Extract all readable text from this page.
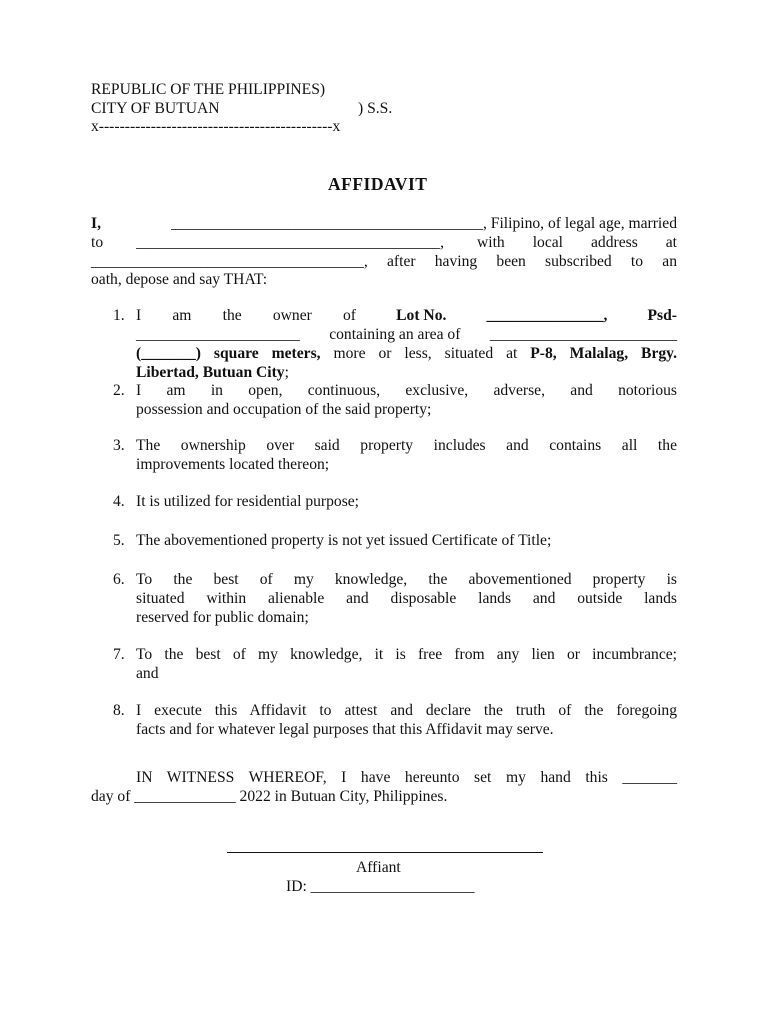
REPUBLIC OF THE PHILIPPINES)
CITY OF BUTUAN	) S.S.
x---------------------------------------------x
AFFIDAVIT
I,	________________________________________, Filipino, of legal age, married
to _______________________________________, with local address at
___________________________________, after having been subscribed to an
oath, depose and say THAT:
1. I am the owner of	Lot No.	_______________,	Psd-
_____________________ containing an area of ________________________
(_______) square meters, more or less, situated at P-8, Malalag, Brgy.
Libertad, Butuan City;
2. I am in open, continuous, exclusive, adverse, and notorious
possession and occupation of the said property;
3. The ownership over said property includes and contains all the
improvements located thereon;
4. It is utilized for residential purpose;
5. The abovementioned property is not yet issued Certificate of Title;
6. To the best of my knowledge, the abovementioned property is
situated within alienable and disposable lands and outside lands
reserved for public domain;
7. To the best of my knowledge, it is free from any lien or incumbrance;
and
8. I execute this Affidavit to attest and declare the truth of the foregoing
facts and for whatever legal purposes that this Affidavit may serve.
IN WITNESS WHEREOF, I have hereunto set my hand this _______
day of _____________ 2022 in Butuan City, Philippines.
Affiant
ID: _____________________
